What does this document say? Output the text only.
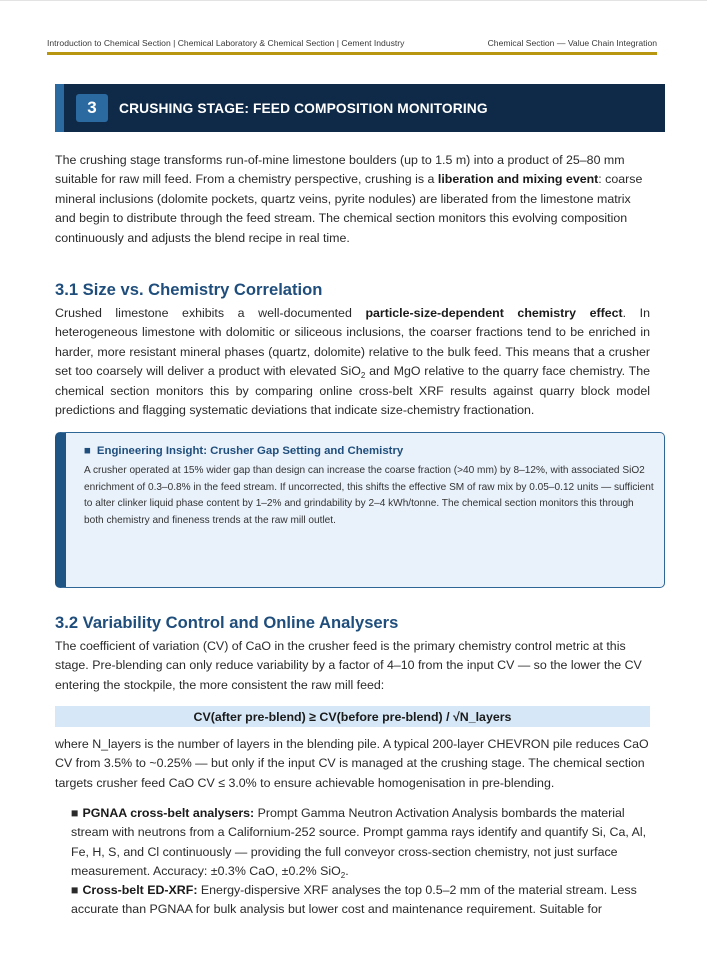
Introduction to Chemical Section | Chemical Laboratory & Chemical Section | Cement Industry	Chemical Section — Value Chain Integration
3	CRUSHING STAGE: FEED COMPOSITION MONITORING

The crushing stage transforms run-of-mine limestone boulders (up to 1.5 m) into a product of 25–80 mm suitable for raw mill feed. From a chemistry perspective, crushing is a liberation and mixing event: coarse mineral inclusions (dolomite pockets, quartz veins, pyrite nodules) are liberated from the limestone matrix and begin to distribute through the feed stream. The chemical section monitors this evolving composition continuously and adjusts the blend recipe in real time.

3.1 Size vs. Chemistry Correlation

Crushed limestone exhibits a well-documented particle-size-dependent chemistry effect. In heterogeneous limestone with dolomitic or siliceous inclusions, the coarser fractions tend to be enriched in harder, more resistant mineral phases (quartz, dolomite) relative to the bulk feed. This means that a crusher set too coarsely will deliver a product with elevated SiO$_2$ and MgO relative to the quarry face chemistry. The chemical section monitors this by comparing online cross-belt XRF results against quarry block model predictions and flagging systematic deviations that indicate size-chemistry fractionation.

■ Engineering Insight: Crusher Gap Setting and Chemistry

A crusher operated at 15% wider gap than design can increase the coarse fraction (>40 mm) by 8–12%, with associated SiO2 enrichment of 0.3–0.8% in the feed stream. If uncorrected, this shifts the effective SM of raw mix by 0.05–0.12 units — sufficient to alter clinker liquid phase content by 1–2% and grindability by 2–4 kWh/tonne. The chemical section monitors this through both chemistry and fineness trends at the raw mill outlet.

3.2 Variability Control and Online Analysers

The coefficient of variation (CV) of CaO in the crusher feed is the primary chemistry control metric at this stage. Pre-blending can only reduce variability by a factor of 4–10 from the input CV — so the lower the CV entering the stockpile, the more consistent the raw mill feed:

CV(after pre-blend) ≥ CV(before pre-blend) / √N_layers

where N_layers is the number of layers in the blending pile. A typical 200-layer CHEVRON pile reduces CaO CV from 3.5% to ~0.25% — but only if the input CV is managed at the crushing stage. The chemical section targets crusher feed CaO CV ≤ 3.0% to ensure achievable homogenisation in pre-blending.

■ PGNAA cross-belt analysers: Prompt Gamma Neutron Activation Analysis bombards the material stream with neutrons from a Californium-252 source. Prompt gamma rays identify and quantify Si, Ca, Al, Fe, H, S, and Cl continuously — providing the full conveyor cross-section chemistry, not just surface measurement. Accuracy: ±0.3% CaO, ±0.2% SiO$_2$.

■ Cross-belt ED-XRF: Energy-dispersive XRF analyses the top 0.5–2 mm of the material stream. Less accurate than PGNAA for bulk analysis but lower cost and maintenance requirement. Suitable for
